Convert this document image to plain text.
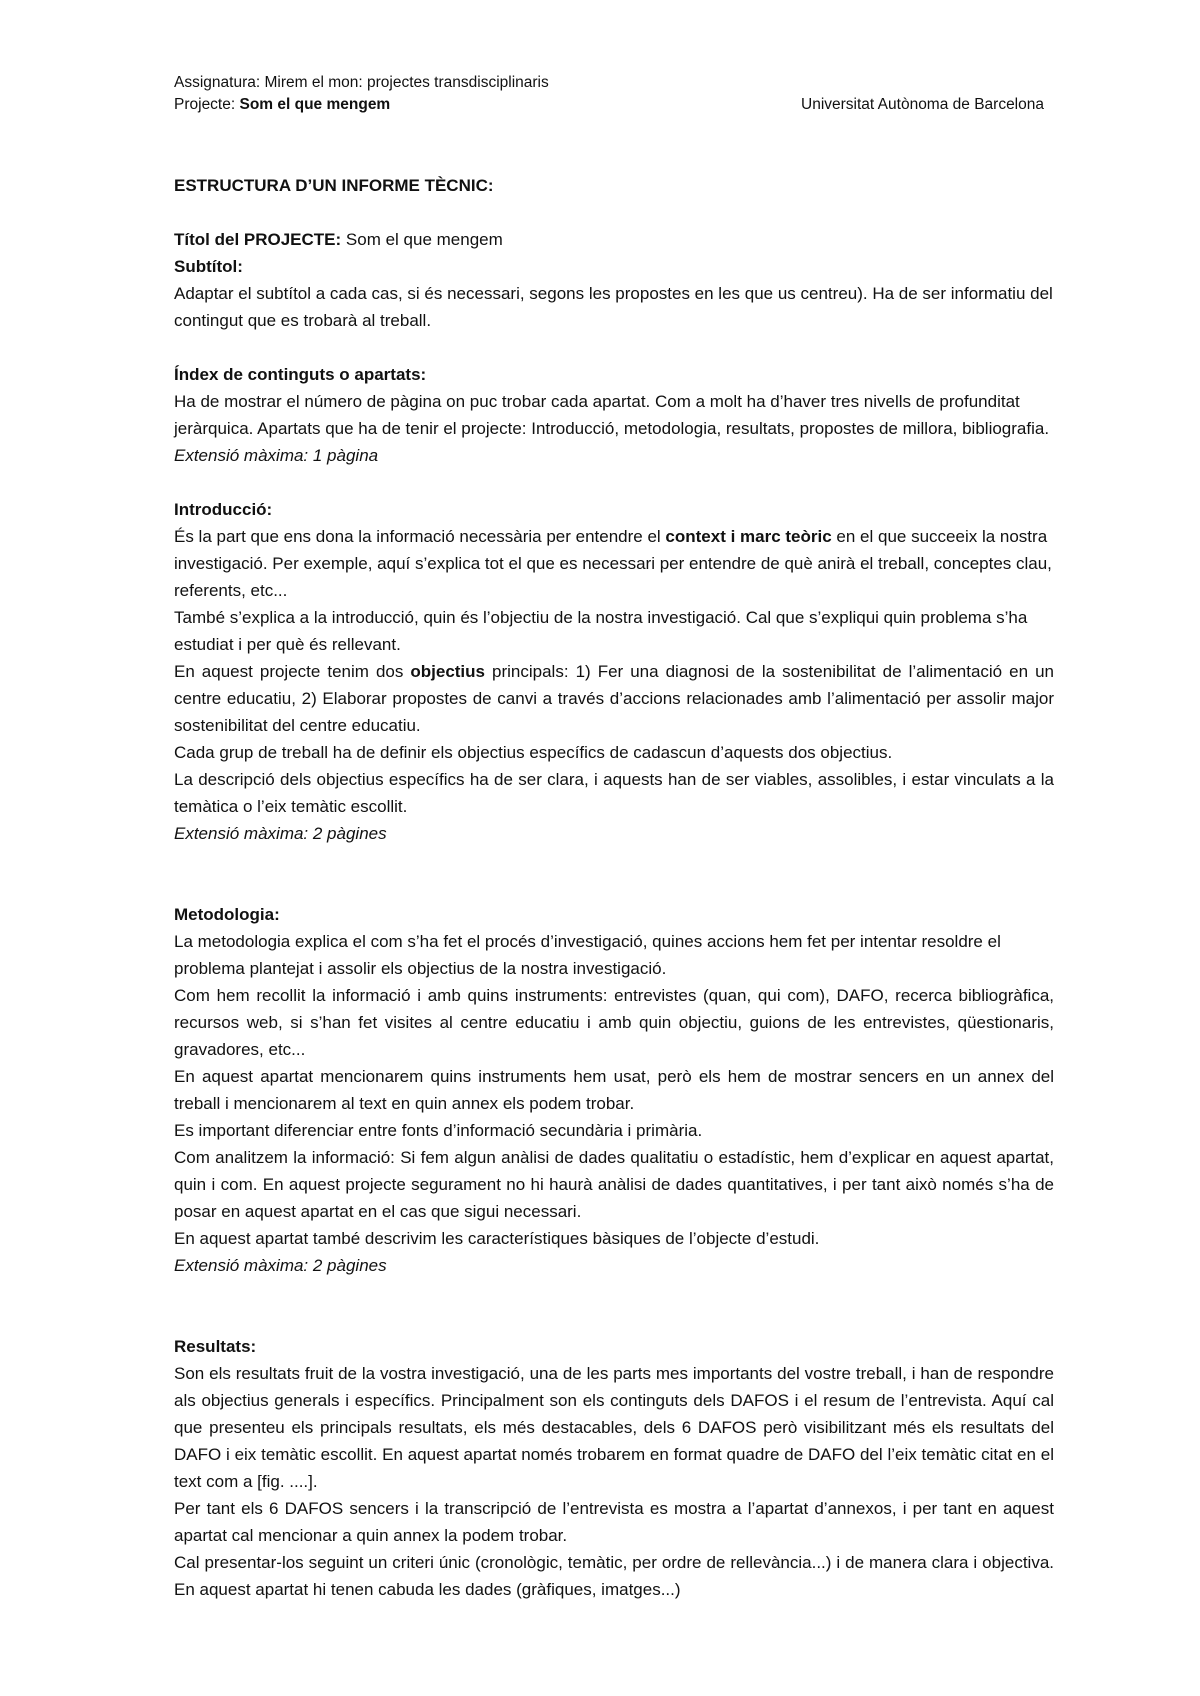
Assignatura: Mirem el mon: projectes transdisciplinaris
Projecte: Som el que mengem	Universitat Autònoma de Barcelona

ESTRUCTURA D’UN INFORME TÈCNIC:

Títol del PROJECTE: Som el que mengem

Subtítol:

Adaptar el subtítol a cada cas, si és necessari, segons les propostes en les que us centreu). Ha de ser informatiu del contingut que es trobarà al treball.

Índex de continguts o apartats:

Ha de mostrar el número de pàgina on puc trobar cada apartat. Com a molt ha d’haver tres nivells de profunditat jeràrquica. Apartats que ha de tenir el projecte: Introducció, metodologia, resultats, propostes de millora, bibliografia.

Extensió màxima: 1 pàgina

Introducció:

És la part que ens dona la informació necessària per entendre el context i marc teòric en el que succeeix la nostra investigació. Per exemple, aquí s’explica tot el que es necessari per entendre de què anirà el treball, conceptes clau, referents, etc...

També s’explica a la introducció, quin és l’objectiu de la nostra investigació. Cal que s’expliqui quin problema s’ha estudiat i per què és rellevant.

En aquest projecte tenim dos objectius principals: 1) Fer una diagnosi de la sostenibilitat de l’alimentació en un centre educatiu, 2) Elaborar propostes de canvi a través d’accions relacionades amb l’alimentació per assolir major sostenibilitat del centre educatiu.

Cada grup de treball ha de definir els objectius específics de cadascun d’aquests dos objectius.

La descripció dels objectius específics ha de ser clara, i aquests han de ser viables, assolibles, i estar vinculats a la temàtica o l’eix temàtic escollit.

Extensió màxima: 2 pàgines

Metodologia:

La metodologia explica el com s’ha fet el procés d’investigació, quines accions hem fet per intentar resoldre el problema plantejat i assolir els objectius de la nostra investigació.

Com hem recollit la informació i amb quins instruments: entrevistes (quan, qui com), DAFO, recerca bibliogràfica, recursos web, si s’han fet visites al centre educatiu i amb quin objectiu, guions de les entrevistes, qüestionaris, gravadores, etc...

En aquest apartat mencionarem quins instruments hem usat, però els hem de mostrar sencers en un annex del treball i mencionarem al text en quin annex els podem trobar.

Es important diferenciar entre fonts d’informació secundària i primària.

Com analitzem la informació: Si fem algun anàlisi de dades qualitatiu o estadístic, hem d’explicar en aquest apartat, quin i com. En aquest projecte segurament no hi haurà anàlisi de dades quantitatives, i per tant això només s’ha de posar en aquest apartat en el cas que sigui necessari.

En aquest apartat també descrivim les característiques bàsiques de l’objecte d’estudi.

Extensió màxima: 2 pàgines

Resultats:

Son els resultats fruit de la vostra investigació, una de les parts mes importants del vostre treball, i han de respondre als objectius generals i específics. Principalment son els continguts dels DAFOS i el resum de l’entrevista. Aquí cal que presenteu els principals resultats, els més destacables, dels 6 DAFOS però visibilitzant més els resultats del DAFO i eix temàtic escollit. En aquest apartat només trobarem en format quadre de DAFO del l’eix temàtic citat en el text com a [fig. ....].

Per tant els 6 DAFOS sencers i la transcripció de l’entrevista es mostra a l’apartat d’annexos, i per tant en aquest apartat cal mencionar a quin annex la podem trobar.

Cal presentar-los seguint un criteri únic (cronològic, temàtic, per ordre de rellevància...) i de manera clara i objectiva. En aquest apartat hi tenen cabuda les dades (gràfiques, imatges...)
